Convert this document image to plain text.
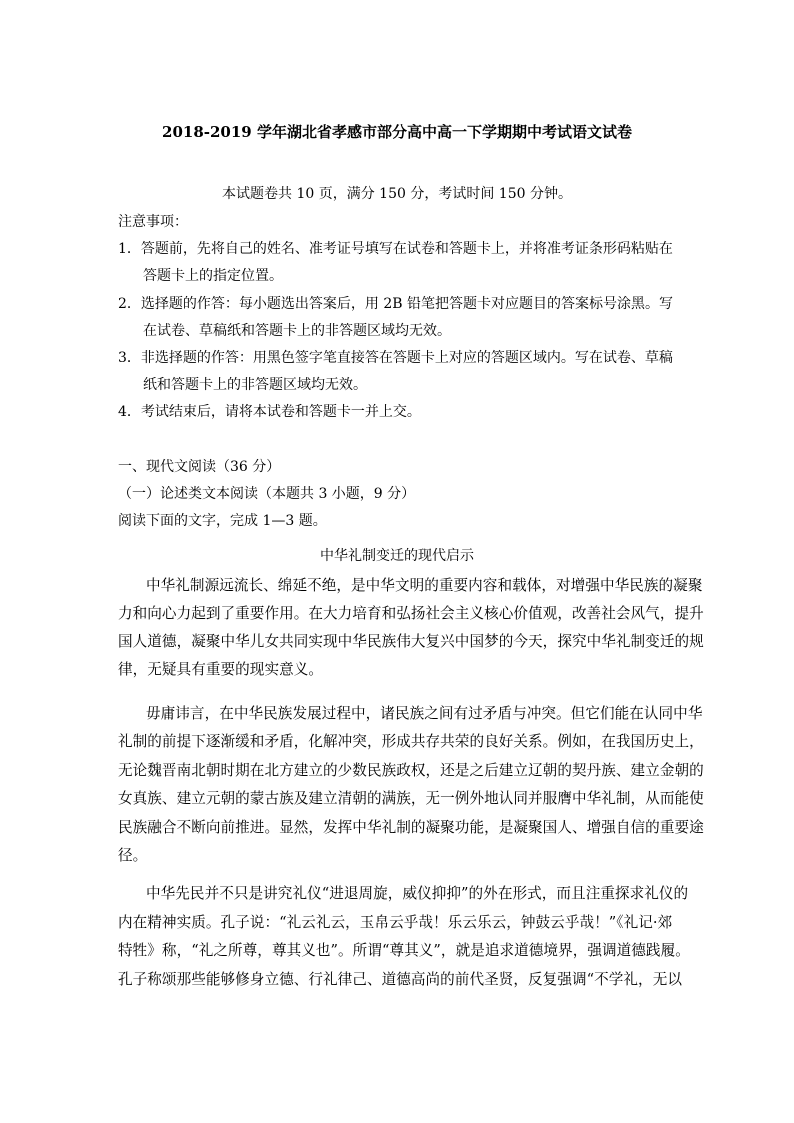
2018-2019 学年湖北省孝感市部分高中高一下学期期中考试语文试卷
本试题卷共 10 页，满分 150 分，考试时间 150 分钟。
注意事项：
1．答题前，先将自己的姓名、准考证号填写在试卷和答题卡上，并将准考证条形码粘贴在
答题卡上的指定位置。
2．选择题的作答：每小题选出答案后，用 2B 铅笔把答题卡对应题目的答案标号涂黑。写
在试卷、草稿纸和答题卡上的非答题区域均无效。
3．非选择题的作答：用黑色签字笔直接答在答题卡上对应的答题区域内。写在试卷、草稿
纸和答题卡上的非答题区域均无效。
4．考试结束后，请将本试卷和答题卡一并上交。
一、现代文阅读（36 分）
（一）论述类文本阅读（本题共 3 小题，9 分）
阅读下面的文字，完成 1—3 题。
中华礼制变迁的现代启示
中华礼制源远流长、绵延不绝，是中华文明的重要内容和载体，对增强中华民族的凝聚
力和向心力起到了重要作用。在大力培育和弘扬社会主义核心价值观，改善社会风气，提升
国人道德，凝聚中华儿女共同实现中华民族伟大复兴中国梦的今天，探究中华礼制变迁的规
律，无疑具有重要的现实意义。
毋庸讳言，在中华民族发展过程中，诸民族之间有过矛盾与冲突。但它们能在认同中华
礼制的前提下逐渐缓和矛盾，化解冲突，形成共存共荣的良好关系。例如，在我国历史上，
无论魏晋南北朝时期在北方建立的少数民族政权，还是之后建立辽朝的契丹族、建立金朝的
女真族、建立元朝的蒙古族及建立清朝的满族，无一例外地认同并服膺中华礼制，从而能使
民族融合不断向前推进。显然，发挥中华礼制的凝聚功能，是凝聚国人、增强自信的重要途
径。
中华先民并不只是讲究礼仪“进退周旋，威仪抑抑”的外在形式，而且注重探求礼仪的
内在精神实质。孔子说：“礼云礼云，玉帛云乎哉！乐云乐云，钟鼓云乎哉！”《礼记·郊
特牲》称，“礼之所尊，尊其义也”。所谓“尊其义”，就是追求道德境界，强调道德践履。
孔子称颂那些能够修身立德、行礼律己、道德高尚的前代圣贤，反复强调“不学礼，无以
